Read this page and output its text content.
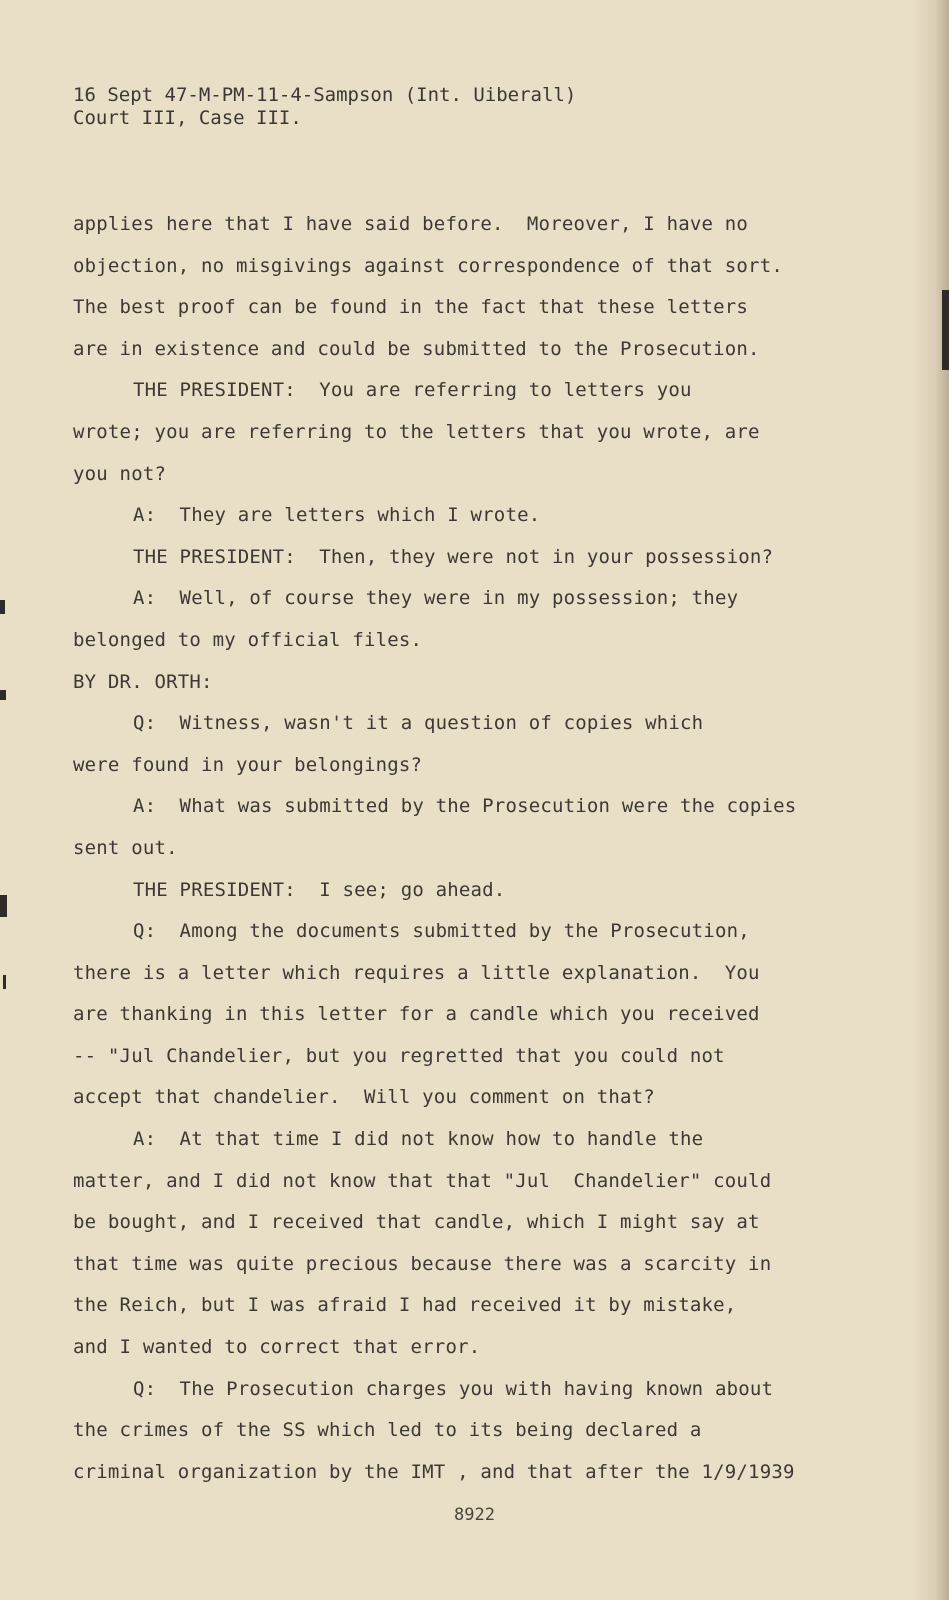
16 Sept 47-M-PM-11-4-Sampson (Int. Uiberall)
Court III, Case III.
applies here that I have said before.  Moreover, I have no
objection, no misgivings against correspondence of that sort.
The best proof can be found in the fact that these letters
are in existence and could be submitted to the Prosecution.
THE PRESIDENT:  You are referring to letters you
wrote; you are referring to the letters that you wrote, are
you not?
A:  They are letters which I wrote.
THE PRESIDENT:  Then, they were not in your possession?
A:  Well, of course they were in my possession; they
belonged to my official files.
BY DR. ORTH:
Q:  Witness, wasn't it a question of copies which
were found in your belongings?
A:  What was submitted by the Prosecution were the copies
sent out.
THE PRESIDENT:  I see; go ahead.
Q:  Among the documents submitted by the Prosecution,
there is a letter which requires a little explanation.  You
are thanking in this letter for a candle which you received
-- "Jul Chandelier, but you regretted that you could not
accept that chandelier.  Will you comment on that?
A:  At that time I did not know how to handle the
matter, and I did not know that that "Jul  Chandelier" could
be bought, and I received that candle, which I might say at
that time was quite precious because there was a scarcity in
the Reich, but I was afraid I had received it by mistake,
and I wanted to correct that error.
Q:  The Prosecution charges you with having known about
the crimes of the SS which led to its being declared a
criminal organization by the IMT , and that after the 1/9/1939
8922
